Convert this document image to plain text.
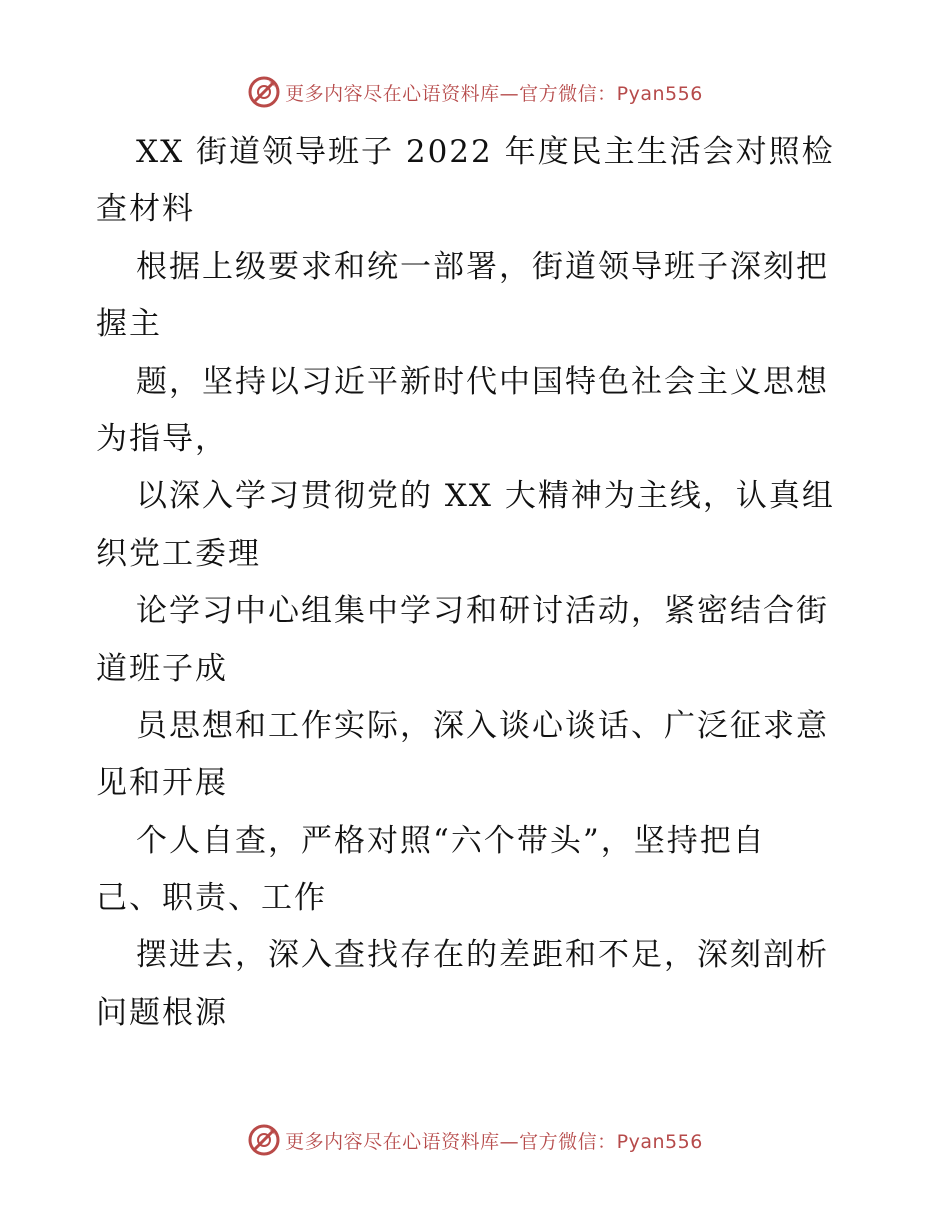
更多内容尽在心语资料库—官方微信：Pyan556
XX 街道领导班子 2022 年度民主生活会对照检
查材料
根据上级要求和统一部署，街道领导班子深刻把
握主
题，坚持以习近平新时代中国特色社会主义思想
为指导，
以深入学习贯彻党的 XX 大精神为主线，认真组
织党工委理
论学习中心组集中学习和研讨活动，紧密结合街
道班子成
员思想和工作实际，深入谈心谈话、广泛征求意
见和开展
个人自查，严格对照“六个带头”，坚持把自
己、职责、工作
摆进去，深入查找存在的差距和不足，深刻剖析
问题根源
更多内容尽在心语资料库—官方微信：Pyan556
